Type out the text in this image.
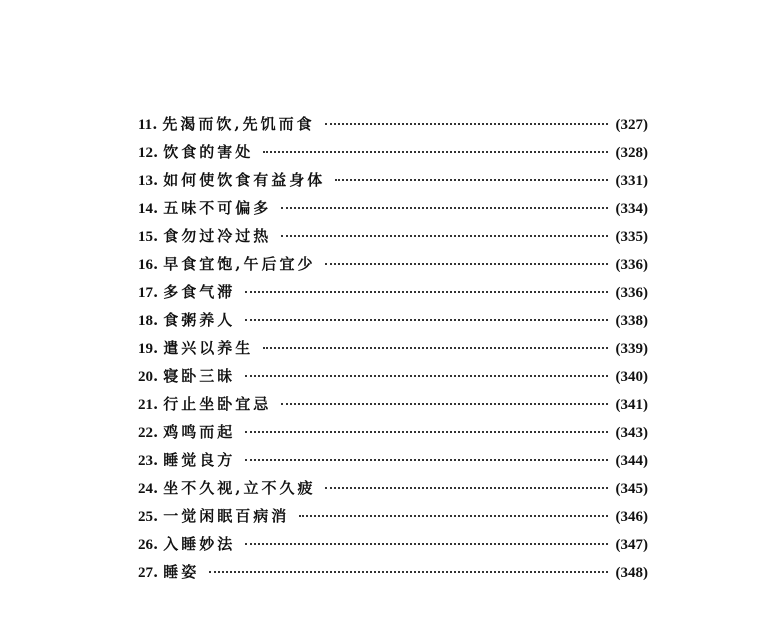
11 . 先渴而饮,先饥而食	(327)
12 . 饮食的害处	(328)
13 . 如何使饮食有益身体	(331)
14 . 五味不可偏多	(334)
15 . 食勿过冷过热	(335)
16 . 早食宜饱,午后宜少	(336)
17 . 多食气滞	(336)
18 . 食粥养人	(338)
19 . 遣兴以养生	(339)
20 . 寝卧三昧	(340)
21 . 行止坐卧宜忌	(341)
22 . 鸡鸣而起	(343)
23 . 睡觉良方	(344)
24 . 坐不久视,立不久疲	(345)
25 . 一觉闲眠百病消	(346)
26 . 入睡妙法	(347)
27 . 睡姿	(348)
